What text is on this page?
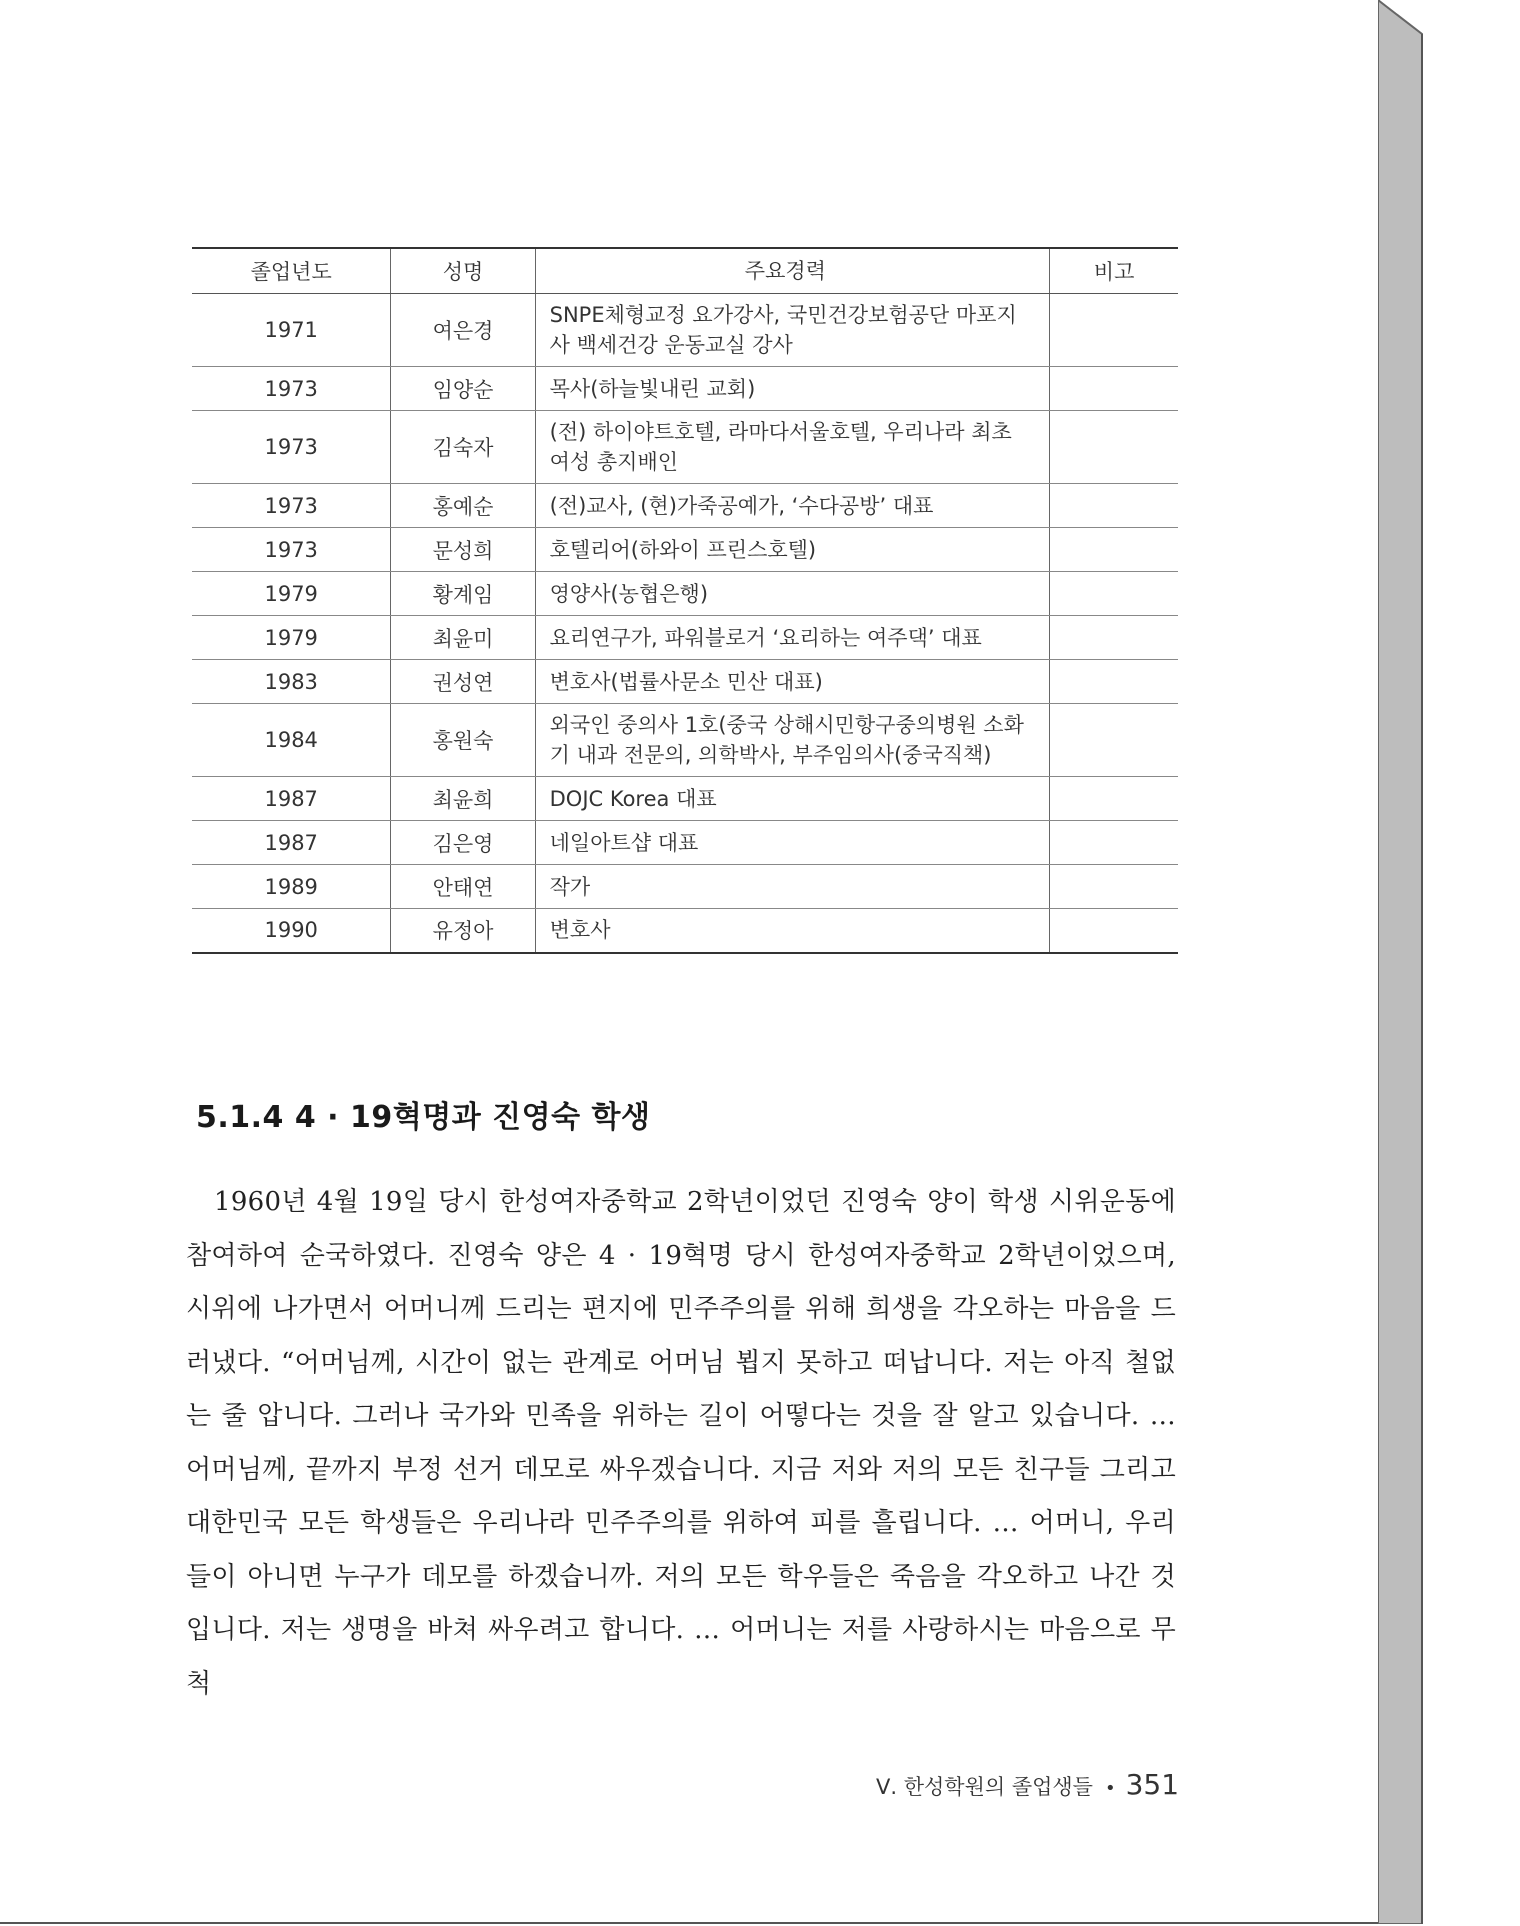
졸업년도	성명	주요경력	비고
1971	여은경	SNPE체형교정 요가강사, 국민건강보험공단 마포지사 백세건강 운동교실 강사	
1973	임양순	목사(하늘빛내린 교회)	
1973	김숙자	(전) 하이야트호텔, 라마다서울호텔, 우리나라 최초 여성 총지배인	
1973	홍예순	(전)교사, (현)가죽공예가, ‘수다공방’ 대표	
1973	문성희	호텔리어(하와이 프린스호텔)	
1979	황계임	영양사(농협은행)	
1979	최윤미	요리연구가, 파워블로거 ‘요리하는 여주댁’ 대표	
1983	권성연	변호사(법률사문소 민산 대표)	
1984	홍원숙	외국인 중의사 1호(중국 상해시민항구중의병원 소화기 내과 전문의, 의학박사, 부주임의사(중국직책)	
1987	최윤희	DOJC Korea 대표	
1987	김은영	네일아트샵 대표	
1989	안태연	작가	
1990	유정아	변호사	
5.1.4 4 · 19혁명과 진영숙 학생

1960년 4월 19일 당시 한성여자중학교 2학년이었던 진영숙 양이 학생 시위운동에 참여하여 순국하였다. 진영숙 양은 4 · 19혁명 당시 한성여자중학교 2학년이었으며, 시위에 나가면서 어머니께 드리는 편지에 민주주의를 위해 희생을 각오하는 마음을 드러냈다. “어머님께, 시간이 없는 관계로 어머님 뵙지 못하고 떠납니다. 저는 아직 철없는 줄 압니다. 그러나 국가와 민족을 위하는 길이 어떻다는 것을 잘 알고 있습니다. … 어머님께, 끝까지 부정 선거 데모로 싸우겠습니다. 지금 저와 저의 모든 친구들 그리고 대한민국 모든 학생들은 우리나라 민주주의를 위하여 피를 흘립니다. … 어머니, 우리들이 아니면 누구가 데모를 하겠습니까. 저의 모든 학우들은 죽음을 각오하고 나간 것입니다. 저는 생명을 바쳐 싸우려고 합니다. … 어머니는 저를 사랑하시는 마음으로 무척

Ⅴ. 한성학원의 졸업생들 • 351
